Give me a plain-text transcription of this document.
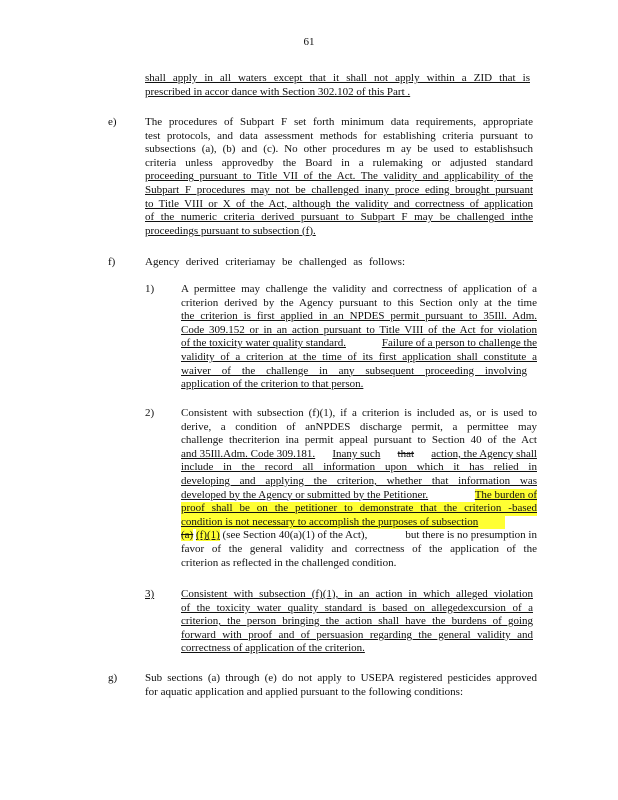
61
shall apply in all waters except that it shall not apply within a ZID that is
prescribed in accor dance with Section 302.102 of this Part .
e)	The procedures of Subpart F set forth minimum data requirements, appropriate
test protocols, and data assessment methods for establishing criteria pursuant to
subsections (a), (b) and (c). No other procedures m ay be used to establishsuch
criteria unless approvedby the Board in a rulemaking or adjusted standard
proceeding pursuant to Title VII of the Act. The validity and applicability of the
Subpart F procedures may not be challenged inany proce eding brought pursuant
to Title VIII or X of the Act, although the validity and correctness of application
of the numeric criteria derived pursuant to Subpart F may be challenged inthe
proceedings pursuant to subsection (f).
f)	Agency derived criteriamay be challenged as follows:
1) A permittee may challenge the validity and correctness of application of a
criterion derived by the Agency pursuant to this Section only at the time
the criterion is first applied in an NPDES permit pursuant to 35Ill. Adm.
Code 309.152 or in an action pursuant to Title VIII of the Act for violation
of the toxicity water quality standard.	Failure of a person to challenge the
validity of a criterion at the time of its first application shall constitute a
waiver of the challenge in any subsequent proceeding involving
application of the criterion to that person.
2) Consistent with subsection (f)(1), if a criterion is included as, or is used to
derive, a condition of anNPDES discharge permit, a permittee may
challenge thecriterion ina permit appeal pursuant to Section 40 of the Act
and 35Ill.Adm. Code 309.181. Inany such that action, the Agency shall
include in the record all information upon which it has relied in
developing and applying the criterion, whether that information was
developed by the Agency or submitted by the Petitioner.	The burden of
proof shall be on the petitioner to demonstrate that the criterion -based
condition is not necessary to accomplish the purposes of subsection
(a) (f)(1) (see Section 40(a)(1) of the Act),	but there is no presumption in
favor of the general validity and correctness of the application of the
criterion as reflected in the challenged condition.
3) Consistent with subsection (f)(1), in an action in which alleged violation
of the toxicity water quality standard is based on allegedexcursion of a
criterion, the person bringing the action shall have the burdens of going
forward with proof and of persuasion regarding the general validity and
correctness of application of the criterion.
g)	Sub sections (a) through (e) do not apply to USEPA registered pesticides approved
for aquatic application and applied pursuant to the following conditions:
